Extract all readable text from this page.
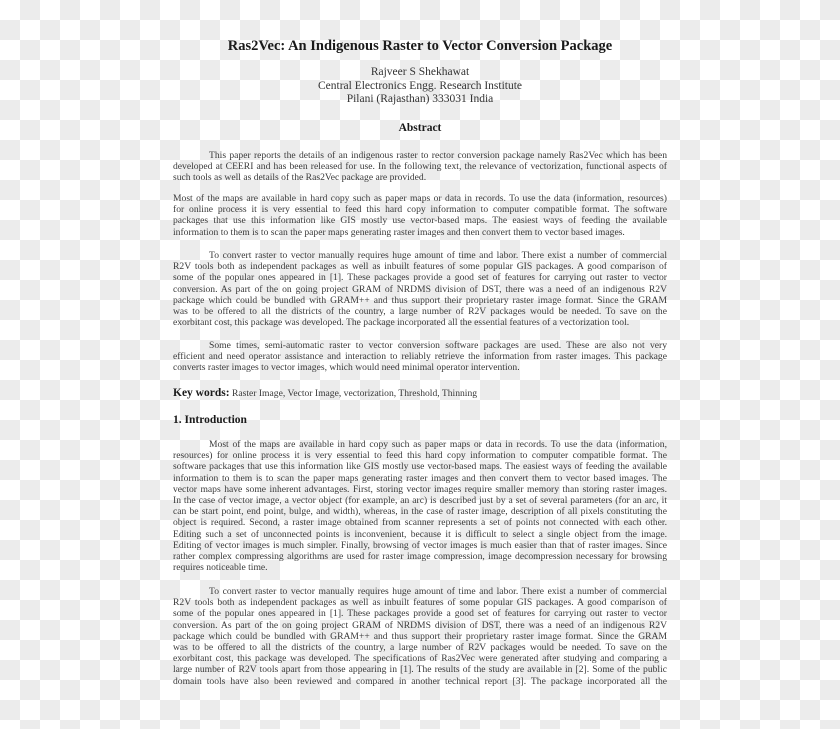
Ras2Vec: An Indigenous Raster to Vector Conversion Package
Rajveer S Shekhawat
Central Electronics Engg. Research Institute
Pilani (Rajasthan) 333031 India
Abstract
This paper reports the details of an indigenous raster to rector conversion package namely Ras2Vec which has been
developed at CEERI and has been released for use. In the following text, the relevance of vectorization, functional aspects of
such tools as well as details of the Ras2Vec package are provided.
Most of the maps are available in hard copy such as paper maps or data in records. To use the data (information, resources)
for online process it is very essential to feed this hard copy information to computer compatible format. The software
packages that use this information like GIS mostly use vector-based maps. The easiest ways of feeding the available
information to them is to scan the paper maps generating raster images and then convert them to vector based images.
To convert raster to vector manually requires huge amount of time and labor. There exist a number of commercial
R2V tools both as independent packages as well as inbuilt features of some popular GIS packages. A good comparison of
some of the popular ones appeared in [1]. These packages provide a good set of features for carrying out raster to vector
conversion. As part of the on going project GRAM of NRDMS division of DST, there was a need of an indigenous R2V
package which could be bundled with GRAM++ and thus support their proprietary raster image format. Since the GRAM
was to be offered to all the districts of the country, a large number of R2V packages would be needed. To save on the
exorbitant cost, this package was developed. The package incorporated all the essential features of a vectorization tool.
Some times, semi-automatic raster to vector conversion software packages are used. These are also not very
efficient and need operator assistance and interaction to reliably retrieve the information from raster images. This package
converts raster images to vector images, which would need minimal operator intervention.
Key words: Raster Image, Vector Image, vectorization, Threshold, Thinning
1. Introduction
Most of the maps are available in hard copy such as paper maps or data in records. To use the data (information,
resources) for online process it is very essential to feed this hard copy information to computer compatible format. The
software packages that use this information like GIS mostly use vector-based maps. The easiest ways of feeding the available
information to them is to scan the paper maps generating raster images and then convert them to vector based images. The
vector maps have some inherent advantages. First, storing vector images require smaller memory than storing raster images.
In the case of vector image, a vector object (for example, an arc) is described just by a set of several parameters (for an arc, it
can be start point, end point, bulge, and width), whereas, in the case of raster image, description of all pixels constituting the
object is required. Second, a raster image obtained from scanner represents a set of points not connected with each other.
Editing such a set of unconnected points is inconvenient, because it is difficult to select a single object from the image.
Editing of vector images is much simpler. Finally, browsing of vector images is much easier than that of raster images. Since
rather complex compressing algorithms are used for raster image compression, image decompression necessary for browsing
requires noticeable time.
To convert raster to vector manually requires huge amount of time and labor. There exist a number of commercial
R2V tools both as independent packages as well as inbuilt features of some popular GIS packages. A good comparison of
some of the popular ones appeared in [1]. These packages provide a good set of features for carrying out raster to vector
conversion. As part of the on going project GRAM of NRDMS division of DST, there was a need of an indigenous R2V
package which could be bundled with GRAM++ and thus support their proprietary raster image format. Since the GRAM
was to be offered to all the districts of the country, a large number of R2V packages would be needed. To save on the
exorbitant cost, this package was developed. The specifications of Ras2Vec were generated after studying and comparing a
large number of R2V tools apart from those appearing in [1]. The results of the study are available in [2]. Some of the public
domain tools have also been reviewed and compared in another technical report [3]. The package incorporated all the
